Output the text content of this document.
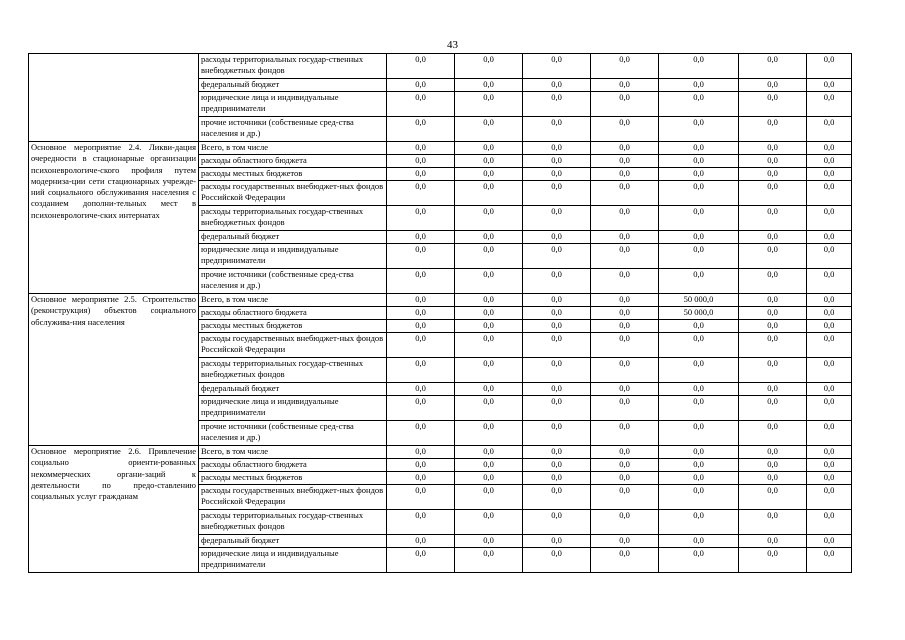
43
	расходы территориальных государ-ственных внебюджетных фондов	0,0	0,0	0,0	0,0	0,0	0,0	0,0
	федеральный бюджет	0,0	0,0	0,0	0,0	0,0	0,0	0,0
	юридические лица и индивидуальные предприниматели	0,0	0,0	0,0	0,0	0,0	0,0	0,0
	прочие источники (собственные сред-ства населения и др.)	0,0	0,0	0,0	0,0	0,0	0,0	0,0
Основное мероприятие 2.4. Ликви-дация очередности в стационарные организации психоневрологиче-ского профиля путем модерниза-ции сети стационарных учрежде-ний социального обслуживания населения с созданием дополни-тельных мест в психоневрологиче-ских интернатах	Всего, в том числе	0,0	0,0	0,0	0,0	0,0	0,0	0,0
	расходы областного бюджета	0,0	0,0	0,0	0,0	0,0	0,0	0,0
	расходы местных бюджетов	0,0	0,0	0,0	0,0	0,0	0,0	0,0
	расходы государственных внебюджет-ных фондов Российской Федерации	0,0	0,0	0,0	0,0	0,0	0,0	0,0
	расходы территориальных государ-ственных внебюджетных фондов	0,0	0,0	0,0	0,0	0,0	0,0	0,0
	федеральный бюджет	0,0	0,0	0,0	0,0	0,0	0,0	0,0
	юридические лица и индивидуальные предприниматели	0,0	0,0	0,0	0,0	0,0	0,0	0,0
	прочие источники (собственные сред-ства населения и др.)	0,0	0,0	0,0	0,0	0,0	0,0	0,0
Основное мероприятие 2.5. Строительство (реконструкция) объектов социального обслужива-ния населения	Всего, в том числе	0,0	0,0	0,0	0,0	50 000,0	0,0	0,0
	расходы областного бюджета	0,0	0,0	0,0	0,0	50 000,0	0,0	0,0
	расходы местных бюджетов	0,0	0,0	0,0	0,0	0,0	0,0	0,0
	расходы государственных внебюджет-ных фондов Российской Федерации	0,0	0,0	0,0	0,0	0,0	0,0	0,0
	расходы территориальных государ-ственных внебюджетных фондов	0,0	0,0	0,0	0,0	0,0	0,0	0,0
	федеральный бюджет	0,0	0,0	0,0	0,0	0,0	0,0	0,0
	юридические лица и индивидуальные предприниматели	0,0	0,0	0,0	0,0	0,0	0,0	0,0
	прочие источники (собственные сред-ства населения и др.)	0,0	0,0	0,0	0,0	0,0	0,0	0,0
Основное мероприятие 2.6. Привлечение социально ориенти-рованных некоммерческих органи-заций к деятельности по предо-ставлению социальных услуг гражданам	Всего, в том числе	0,0	0,0	0,0	0,0	0,0	0,0	0,0
	расходы областного бюджета	0,0	0,0	0,0	0,0	0,0	0,0	0,0
	расходы местных бюджетов	0,0	0,0	0,0	0,0	0,0	0,0	0,0
	расходы государственных внебюджет-ных фондов Российской Федерации	0,0	0,0	0,0	0,0	0,0	0,0	0,0
	расходы территориальных государ-ственных внебюджетных фондов	0,0	0,0	0,0	0,0	0,0	0,0	0,0
	федеральный бюджет	0,0	0,0	0,0	0,0	0,0	0,0	0,0
	юридические лица и индивидуальные предприниматели	0,0	0,0	0,0	0,0	0,0	0,0	0,0
